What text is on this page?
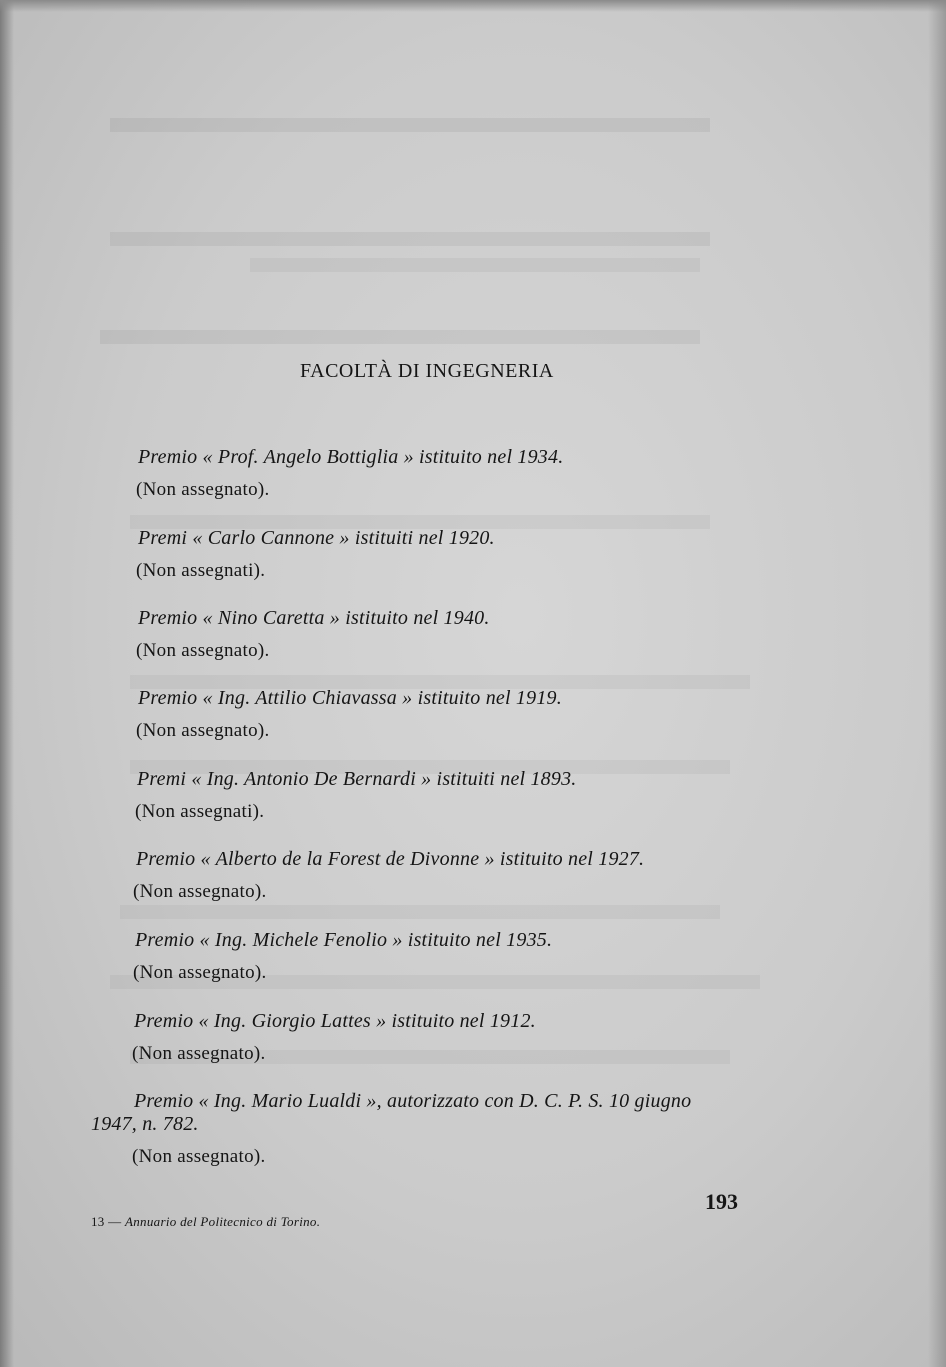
FACOLTÀ DI INGEGNERIA
Premio « Prof. Angelo Bottiglia » istituito nel 1934.
(Non assegnato).
Premi « Carlo Cannone » istituiti nel 1920.
(Non assegnati).
Premio « Nino Caretta » istituito nel 1940.
(Non assegnato).
Premio « Ing. Attilio Chiavassa » istituito nel 1919.
(Non assegnato).
Premi « Ing. Antonio De Bernardi » istituiti nel 1893.
(Non assegnati).
Premio « Alberto de la Forest de Divonne » istituito nel 1927.
(Non assegnato).
Premio « Ing. Michele Fenolio » istituito nel 1935.
(Non assegnato).
Premio « Ing. Giorgio Lattes » istituito nel 1912.
(Non assegnato).
Premio « Ing. Mario Lualdi », autorizzato con D. C. P. S. 10 giugno
1947, n. 782.
(Non assegnato).
13 — Annuario del Politecnico di Torino.
193
